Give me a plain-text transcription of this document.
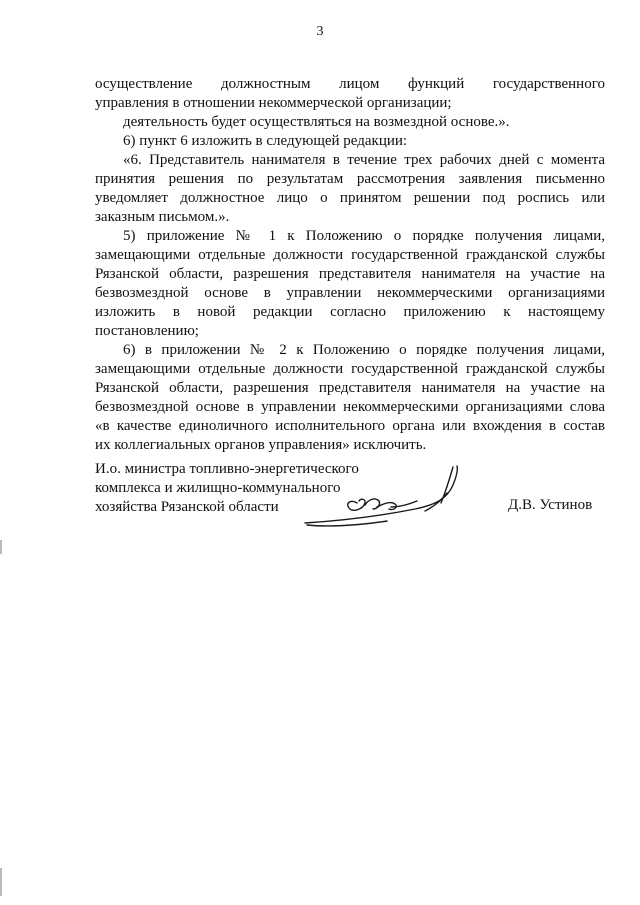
3

осуществление должностным лицом функций государственного
управления в отношении некоммерческой организации;

деятельность будет осуществляться на возмездной основе.».

6) пункт 6 изложить в следующей редакции:

«6. Представитель нанимателя в течение трех рабочих дней с момента
принятия решения по результатам рассмотрения заявления письменно
уведомляет должностное лицо о принятом решении под роспись или
заказным письмом.».

5) приложение № 1 к Положению о порядке получения лицами,
замещающими отдельные должности государственной гражданской службы
Рязанской области, разрешения представителя нанимателя на участие на
безвозмездной основе в управлении некоммерческими организациями
изложить в новой редакции согласно приложению к настоящему
постановлению;

6) в приложении № 2 к Положению о порядке получения лицами,
замещающими отдельные должности государственной гражданской службы
Рязанской области, разрешения представителя нанимателя на участие на
безвозмездной основе в управлении некоммерческими организациями слова
«в качестве единоличного исполнительного органа или вхождения в состав
их коллегиальных органов управления» исключить.

И.о. министра топливно-энергетического
комплекса и жилищно-коммунального
хозяйства Рязанской области	Д.В. Устинов
